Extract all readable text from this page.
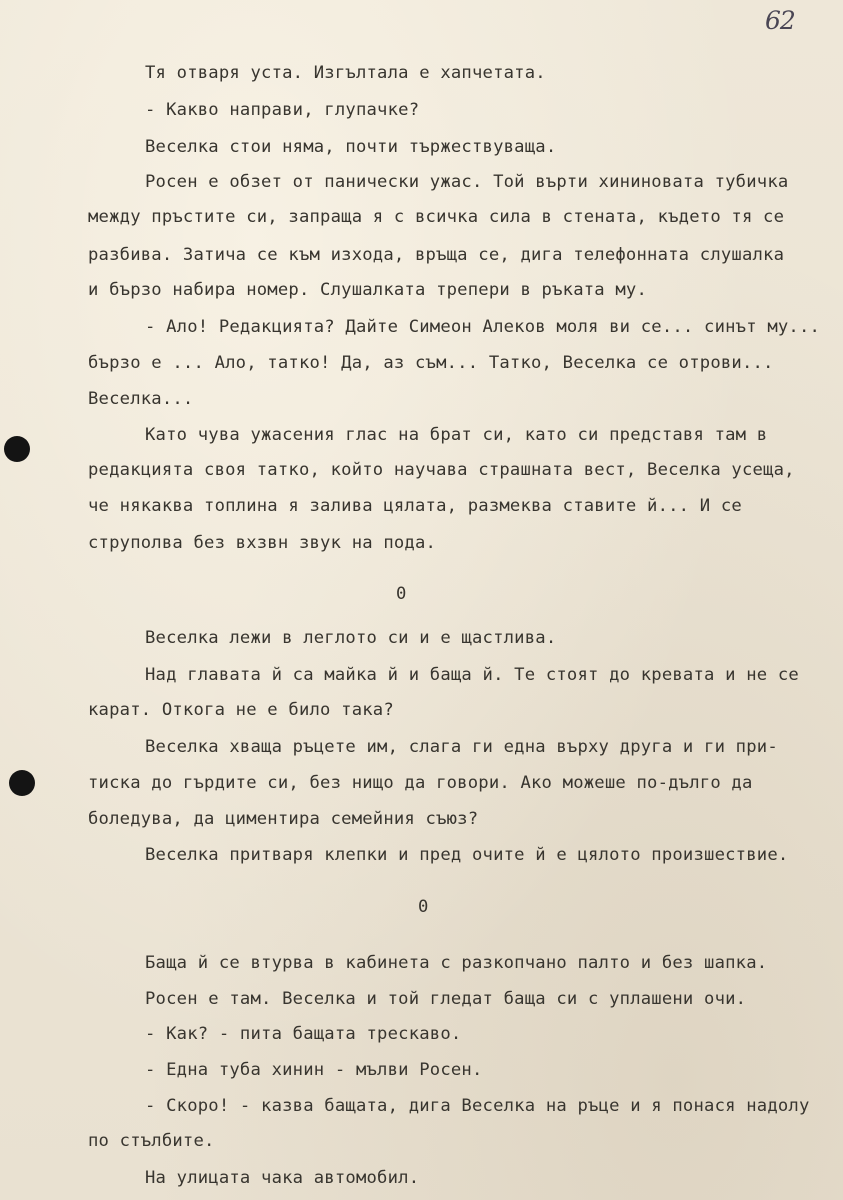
62
Тя отваря уста. Изгълтала е хапчетата.
- Какво направи, глупачке?
Веселка стои няма, почти тържествуваща.
Росен е обзет от панически ужас. Той върти хининовата тубичка
между пръстите си, запраща я с всичка сила в стената, където тя се
разбива. Затича се към изхода, връща се, дига телефонната слушалка
и бързо набира номер. Слушалката трепери в ръката му.
- Ало! Редакцията? Дайте Симеон Алеков моля ви се... синът му...
бързо е ... Ало, татко! Да, аз съм... Татко, Веселка се отрови...
Веселка...
Като чува ужасения глас на брат си, като си представя там в
редакцията своя татко, който научава страшната вест, Веселка усеща,
че някаква топлина я залива цялата, размеква ставите й... И се
струполва без вхзвн звук на пода.
0
Веселка лежи в леглото си и е щастлива.
Над главата й са майка й и баща й. Те стоят до кревата и не се
карат. Откога не е било така?
Веселка хваща ръцете им, слага ги една върху друга и ги при-
тиска до гърдите си, без нищо да говори. Ако можеше по-дълго да
боледува, да циментира семейния съюз?
Веселка притваря клепки и пред очите й е цялото произшествие.
0
Баща й се втурва в кабинета с разкопчано палто и без шапка.
Росен е там. Веселка и той гледат баща си с уплашени очи.
- Как? - пита бащата трескаво.
- Една туба хинин - мълви Росен.
- Скоро! - казва бащата, дига Веселка на ръце и я понася надолу
по стълбите.
На улицата чака автомобил.
